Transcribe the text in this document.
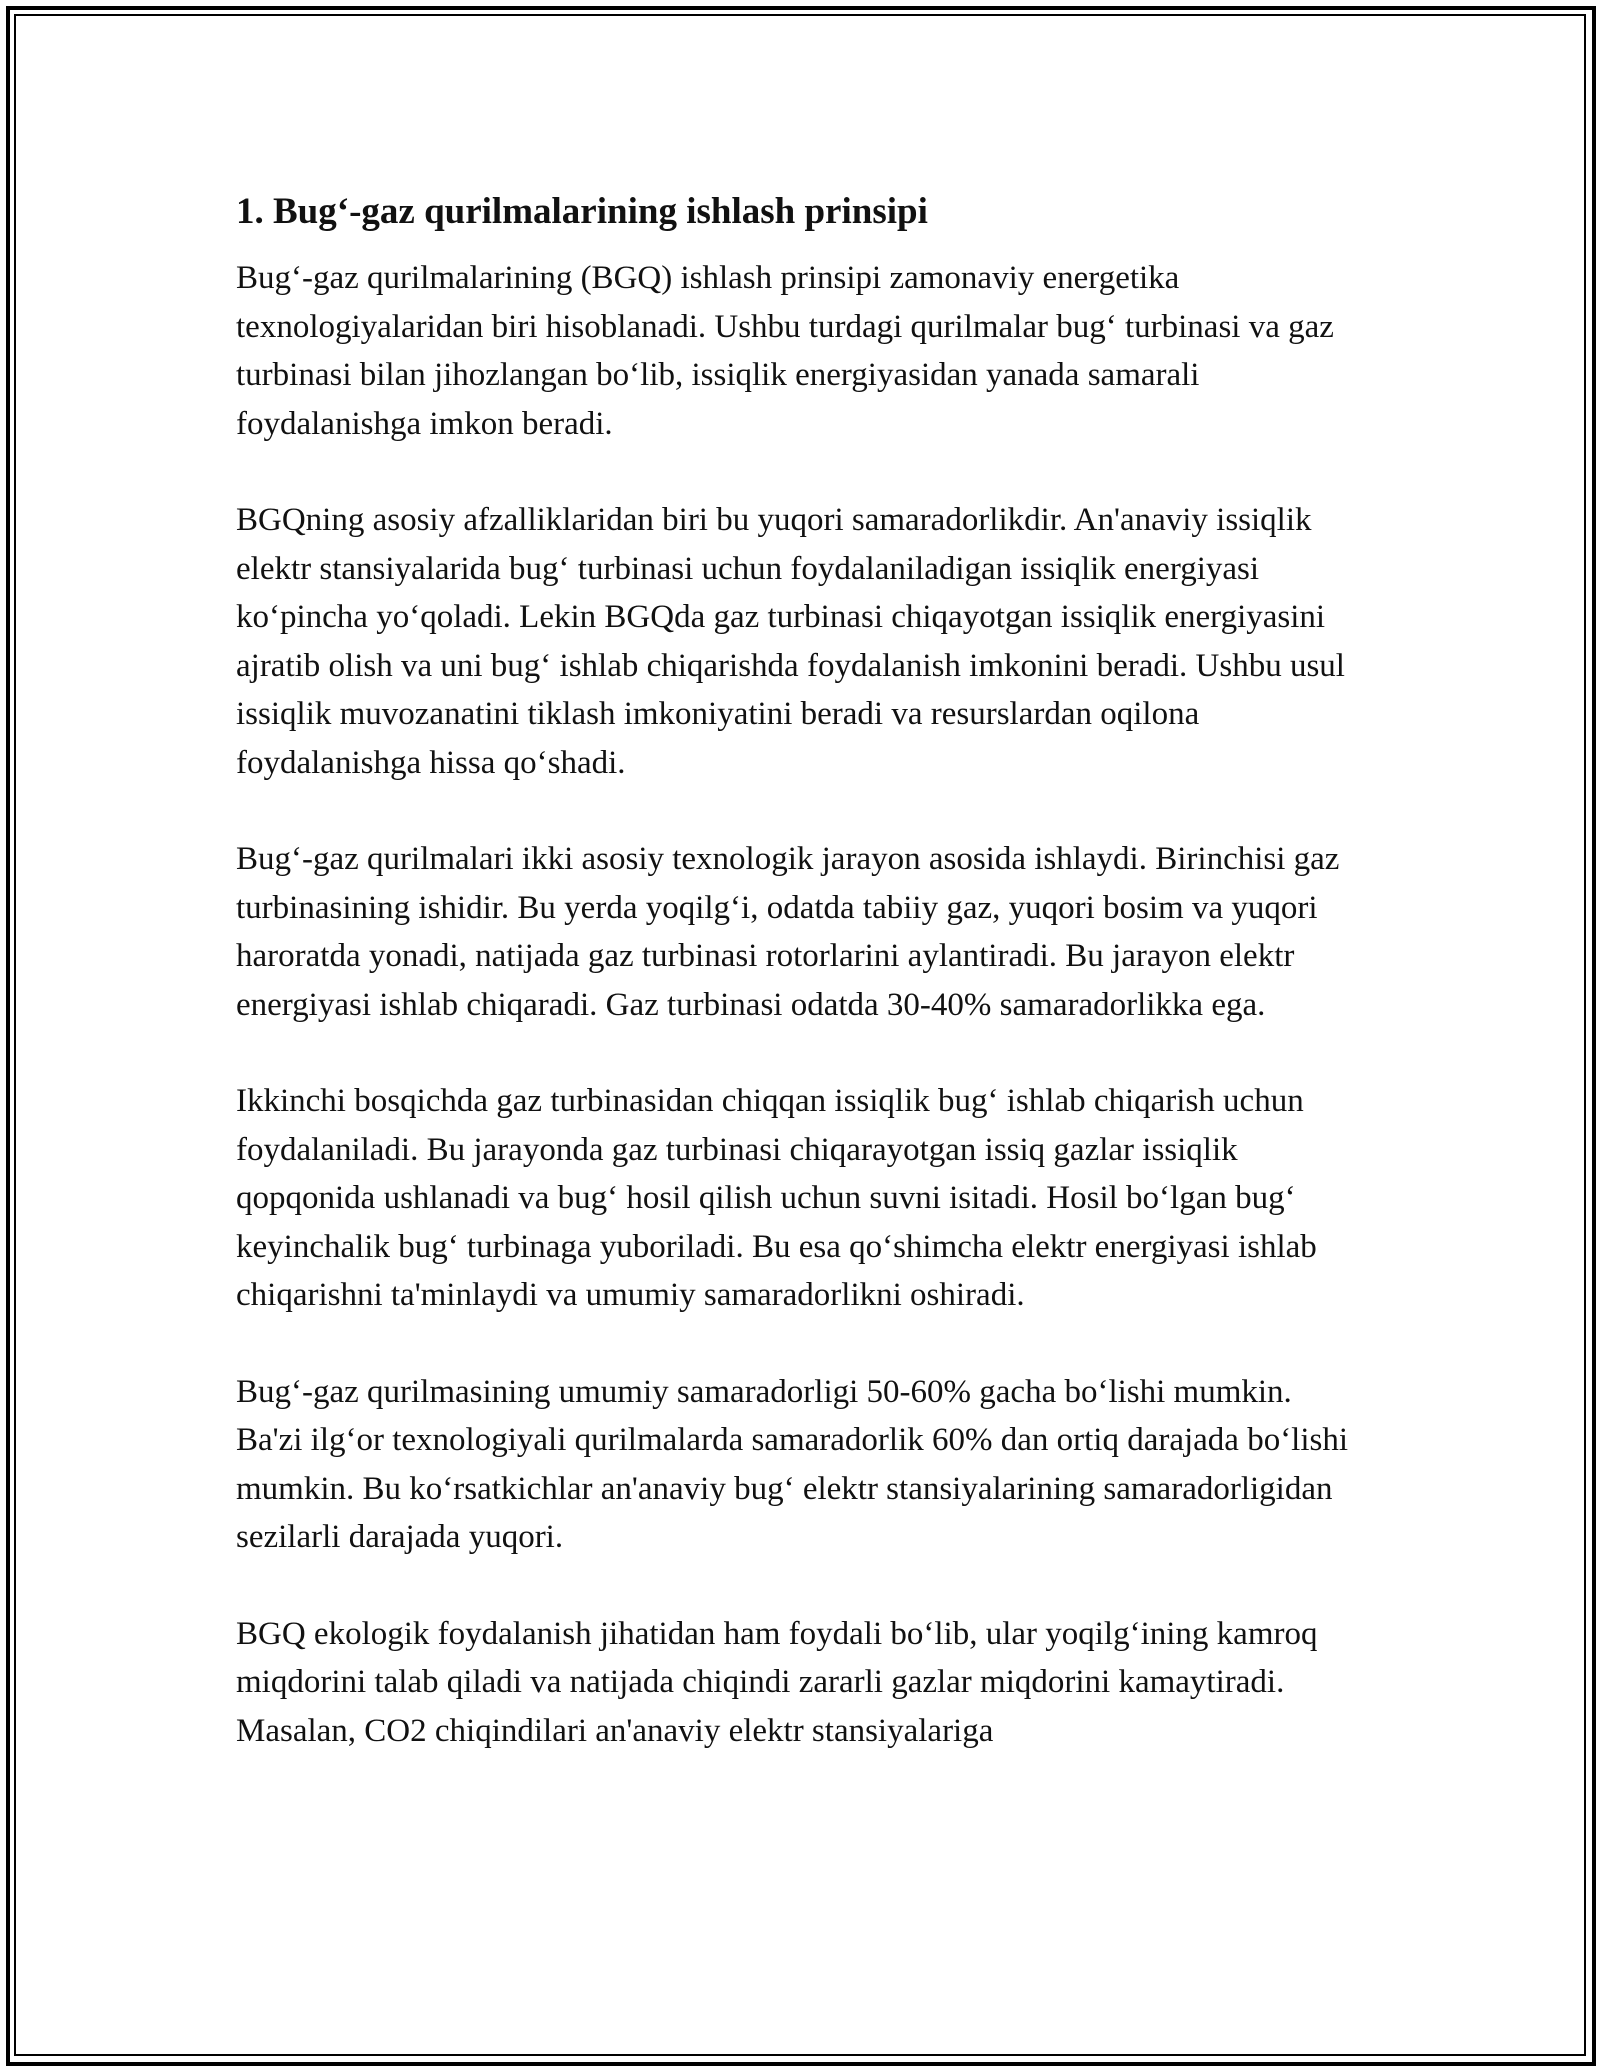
1. Bug‘-gaz qurilmalarining ishlash prinsipi

Bug‘-gaz qurilmalarining (BGQ) ishlash prinsipi zamonaviy energetika texnologiyalaridan biri hisoblanadi. Ushbu turdagi qurilmalar bug‘ turbinasi va gaz turbinasi bilan jihozlangan bo‘lib, issiqlik energiyasidan yanada samarali foydalanishga imkon beradi.

BGQning asosiy afzalliklaridan biri bu yuqori samaradorlikdir. An'anaviy issiqlik elektr stansiyalarida bug‘ turbinasi uchun foydalaniladigan issiqlik energiyasi ko‘pincha yo‘qoladi. Lekin BGQda gaz turbinasi chiqayotgan issiqlik energiyasini ajratib olish va uni bug‘ ishlab chiqarishda foydalanish imkonini beradi. Ushbu usul issiqlik muvozanatini tiklash imkoniyatini beradi va resurslardan oqilona foydalanishga hissa qo‘shadi.

Bug‘-gaz qurilmalari ikki asosiy texnologik jarayon asosida ishlaydi. Birinchisi gaz turbinasining ishidir. Bu yerda yoqilg‘i, odatda tabiiy gaz, yuqori bosim va yuqori haroratda yonadi, natijada gaz turbinasi rotorlarini aylantiradi. Bu jarayon elektr energiyasi ishlab chiqaradi. Gaz turbinasi odatda 30-40% samaradorlikka ega.

Ikkinchi bosqichda gaz turbinasidan chiqqan issiqlik bug‘ ishlab chiqarish uchun foydalaniladi. Bu jarayonda gaz turbinasi chiqarayotgan issiq gazlar issiqlik qopqonida ushlanadi va bug‘ hosil qilish uchun suvni isitadi. Hosil bo‘lgan bug‘ keyinchalik bug‘ turbinaga yuboriladi. Bu esa qo‘shimcha elektr energiyasi ishlab chiqarishni ta'minlaydi va umumiy samaradorlikni oshiradi.

Bug‘-gaz qurilmasining umumiy samaradorligi 50-60% gacha bo‘lishi mumkin. Ba'zi ilg‘or texnologiyali qurilmalarda samaradorlik 60% dan ortiq darajada bo‘lishi mumkin. Bu ko‘rsatkichlar an'anaviy bug‘ elektr stansiyalarining samaradorligidan sezilarli darajada yuqori.

BGQ ekologik foydalanish jihatidan ham foydali bo‘lib, ular yoqilg‘ining kamroq miqdorini talab qiladi va natijada chiqindi zararli gazlar miqdorini kamaytiradi. Masalan, CO2 chiqindilari an'anaviy elektr stansiyalariga
